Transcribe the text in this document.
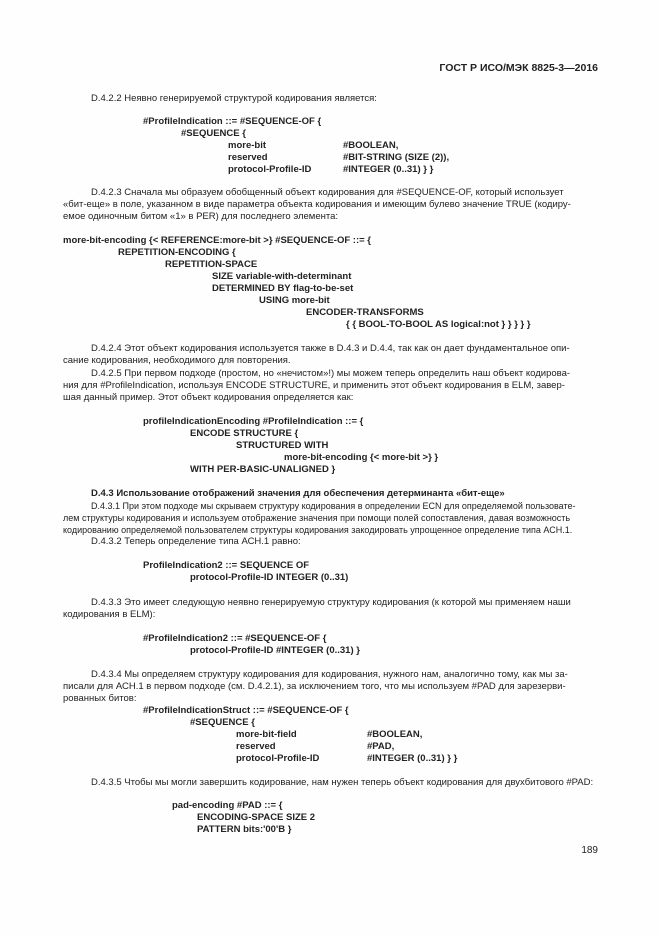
ГОСТ Р ИСО/МЭК 8825-3—2016

D.4.2.2 Неявно генерируемой структурой кодирования является:

#ProfileIndication ::= #SEQUENCE-OF {

#SEQUENCE {

more-bit	#BOOLEAN,

reserved	#BIT-STRING (SIZE (2)),

protocol-Profile-ID	#INTEGER (0..31) } }

D.4.2.3 Сначала мы образуем обобщенный объект кодирования для #SEQUENCE-OF, который использует

«бит-еще» в поле, указанном в виде параметра объекта кодирования и имеющим булево значение TRUE (кодиру-

емое одиночным битом «1» в PER) для последнего элемента:

more-bit-encoding {< REFERENCE:more-bit >} #SEQUENCE-OF ::= {

REPETITION-ENCODING {

REPETITION-SPACE

SIZE variable-with-determinant

DETERMINED BY flag-to-be-set

USING more-bit

ENCODER-TRANSFORMS

{ { BOOL-TO-BOOL AS logical:not } } } } }

D.4.2.4 Этот объект кодирования используется также в D.4.3 и D.4.4, так как он дает фундаментальное опи-

сание кодирования, необходимого для повторения.

D.4.2.5 При первом подходе (простом, но «нечистом»!) мы можем теперь определить наш объект кодирова-

ния для #ProfileIndication, используя ENCODE STRUCTURE, и применить этот объект кодирования в ELM, завер-

шая данный пример. Этот объект кодирования определяется как:

profileIndicationEncoding #ProfileIndication ::= {

ENCODE STRUCTURE {

STRUCTURED WITH

more-bit-encoding {< more-bit >} }

WITH PER-BASIC-UNALIGNED }

D.4.3 Использование отображений значения для обеспечения детерминанта «бит-еще»

D.4.3.1 При этом подходе мы скрываем структуру кодирования в определении ECN для определяемой пользовате-

лем структуры кодирования и используем отображение значения при помощи полей сопоставления, давая возможность

кодированию определяемой пользователем структуры кодирования закодировать упрощенное определение типа АСН.1.

D.4.3.2 Теперь определение типа АСН.1 равно:

ProfileIndication2 ::= SEQUENCE OF

protocol-Profile-ID INTEGER (0..31)

D.4.3.3 Это имеет следующую неявно генерируемую структуру кодирования (к которой мы применяем наши

кодирования в ELM):

#ProfileIndication2 ::= #SEQUENCE-OF {

protocol-Profile-ID #INTEGER (0..31) }

D.4.3.4 Мы определяем структуру кодирования для кодирования, нужного нам, аналогично тому, как мы за-

писали для АСН.1 в первом подходе (см. D.4.2.1), за исключением того, что мы используем #PAD для зарезерви-

рованных битов:

#ProfileIndicationStruct ::= #SEQUENCE-OF {

#SEQUENCE {

more-bit-field	#BOOLEAN,

reserved	#PAD,

protocol-Profile-ID	#INTEGER (0..31) } }

D.4.3.5 Чтобы мы могли завершить кодирование, нам нужен теперь объект кодирования для двухбитового #PAD:

pad-encoding #PAD ::= {

ENCODING-SPACE SIZE 2

PATTERN bits:'00'B }

189
